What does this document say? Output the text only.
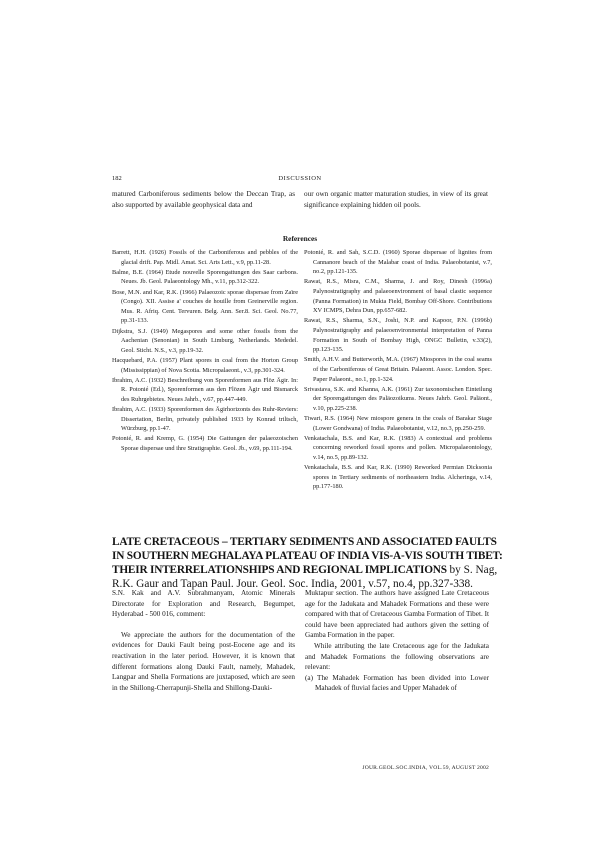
182	DISCUSSION
matured Carboniferous sediments below the Deccan Trap, as also supported by available geophysical data and
our own organic matter maturation studies, in view of its great significance explaining hidden oil pools.
References

Barrett, H.H. (1926) Fossils of the Carboniferous and pebbles of the glacial drift. Pap. Midl. Amat. Sci. Arts Lett., v.9, pp.11-28.

Balme, B.E. (1964) Etude nouvelle Sporengattungen des Saar carbons. Neues. Jb. Geol. Palaeontology Mh., v.11, pp.312-322.

Bose, M.N. and Kar, R.K. (1966) Palaeozoic sporae dispersae from Zaïre (Congo). XII. Assise a' couches de houille from Greinerville region. Mus. R. Afriq. Cent. Tervuren. Belg. Ann. Ser.8. Sci. Geol. No.77, pp.31-133.

Dijkstra, S.J. (1949) Megaspores and some other fossils from the Aachenian (Senonian) in South Limburg, Netherlands. Mededel. Geol. Sticht. N.S., v.3, pp.19-32.

Hacquebard, P.A. (1957) Plant spores in coal from the Horton Group (Mississippian) of Nova Scotia. Micropalaeont., v.3, pp.301-324.

Ibrahim, A.C. (1932) Beschreibung von Sporenformen aus Flöz Ägir. In: R. Potonié (Ed.), Sporenformen aus den Flözen Ägir und Bismarck des Ruhrgebietes. Neues Jahrb., v.67, pp.447-449.

Ibrahim, A.C. (1933) Sporenformen des Ägirhorizonts des Ruhr-Reviers: Dissertation, Berlin, privately published 1933 by Konrad triltsch, Würzburg, pp.1-47.

Potonié, R. and Kremp, G. (1954) Die Gattungen der palaeozoischen Sporae dispersae und ihre Stratigraphie. Geol. Jb., v.69, pp.111-194.

Potonié, R. and Sah, S.C.D. (1960) Sporae dispersae of lignites from Cannanore beach of the Malabar coast of India. Palaeobotanist, v.7, no.2, pp.121-135.

Rawat, R.S., Misra, C.M., Sharma, J. and Roy, Dinesh (1996a) Palynostratigraphy and palaeoenvironment of basal clastic sequence (Panna Formation) in Mukta Field, Bombay Off-Shore. Contributions XV ICMPS, Dehra Dun, pp.657-682.

Rawat, R.S., Sharma, S.N., Joshi, N.P. and Kapoor, P.N. (1996b) Palynostratigraphy and palaeoenvironmental interpretation of Panna Formation in South of Bombay High, ONGC Bulletin, v.33(2), pp.123-135.

Smith, A.H.V. and Butterworth, M.A. (1967) Miospores in the coal seams of the Carboniferous of Great Britain. Palaeont. Assoc. London. Spec. Paper Palaeont., no.1, pp.1-324.

Srivastava, S.K. and Khanna, A.K. (1961) Zur taxonomischen Einteilung der Sporengattungen des Paläozoikums. Neues Jahrb. Geol. Paläont., v.10, pp.225-238.

Tiwari, R.S. (1964) New miospore genera in the coals of Barakar Stage (Lower Gondwana) of India. Palaeobotanist, v.12, no.3, pp.250-259.

Venkatachala, B.S. and Kar, R.K. (1983) A contextual and problems concerning reworked fossil spores and pollen. Micropalaeontology, v.14, no.5, pp.89-132.

Venkatachala, B.S. and Kar, R.K. (1990) Reworked Permian Dicksonia spores in Tertiary sediments of northeastern India. Alcheringa, v.14, pp.177-180.

LATE CRETACEOUS – TERTIARY SEDIMENTS AND ASSOCIATED FAULTS
IN SOUTHERN MEGHALAYA PLATEAU OF INDIA VIS-A-VIS SOUTH TIBET:
THEIR INTERRELATIONSHIPS AND REGIONAL IMPLICATIONS by S. Nag,
R.K. Gaur and Tapan Paul. Jour. Geol. Soc. India, 2001, v.57, no.4, pp.327-338.

S.N. Kak and A.V. Subrahmanyam, Atomic Minerals Directorate for Exploration and Research, Begumpet, Hyderabad - 500 016, comment:

We appreciate the authors for the documentation of the evidences for Dauki Fault being post-Eocene age and its reactivation in the later period. However, it is known that different formations along Dauki Fault, namely, Mahadek, Langpar and Shella Formations are juxtaposed, which are seen in the Shillong-Cherrapunji-Shella and Shillong-Dauki-

Muktapur section. The authors have assigned Late Cretaceous age for the Jadukata and Mahadek Formations and these were compared with that of Cretaceous Gamba Formation of Tibet. It could have been appreciated had authors given the setting of Gamba Formation in the paper.

While attributing the late Cretaceous age for the Jadukata and Mahadek Formations the following observations are relevant:

(a) The Mahadek Formation has been divided into Lower Mahadek of fluvial facies and Upper Mahadek of

JOUR.GEOL.SOC.INDIA, VOL.59, AUGUST 2002
